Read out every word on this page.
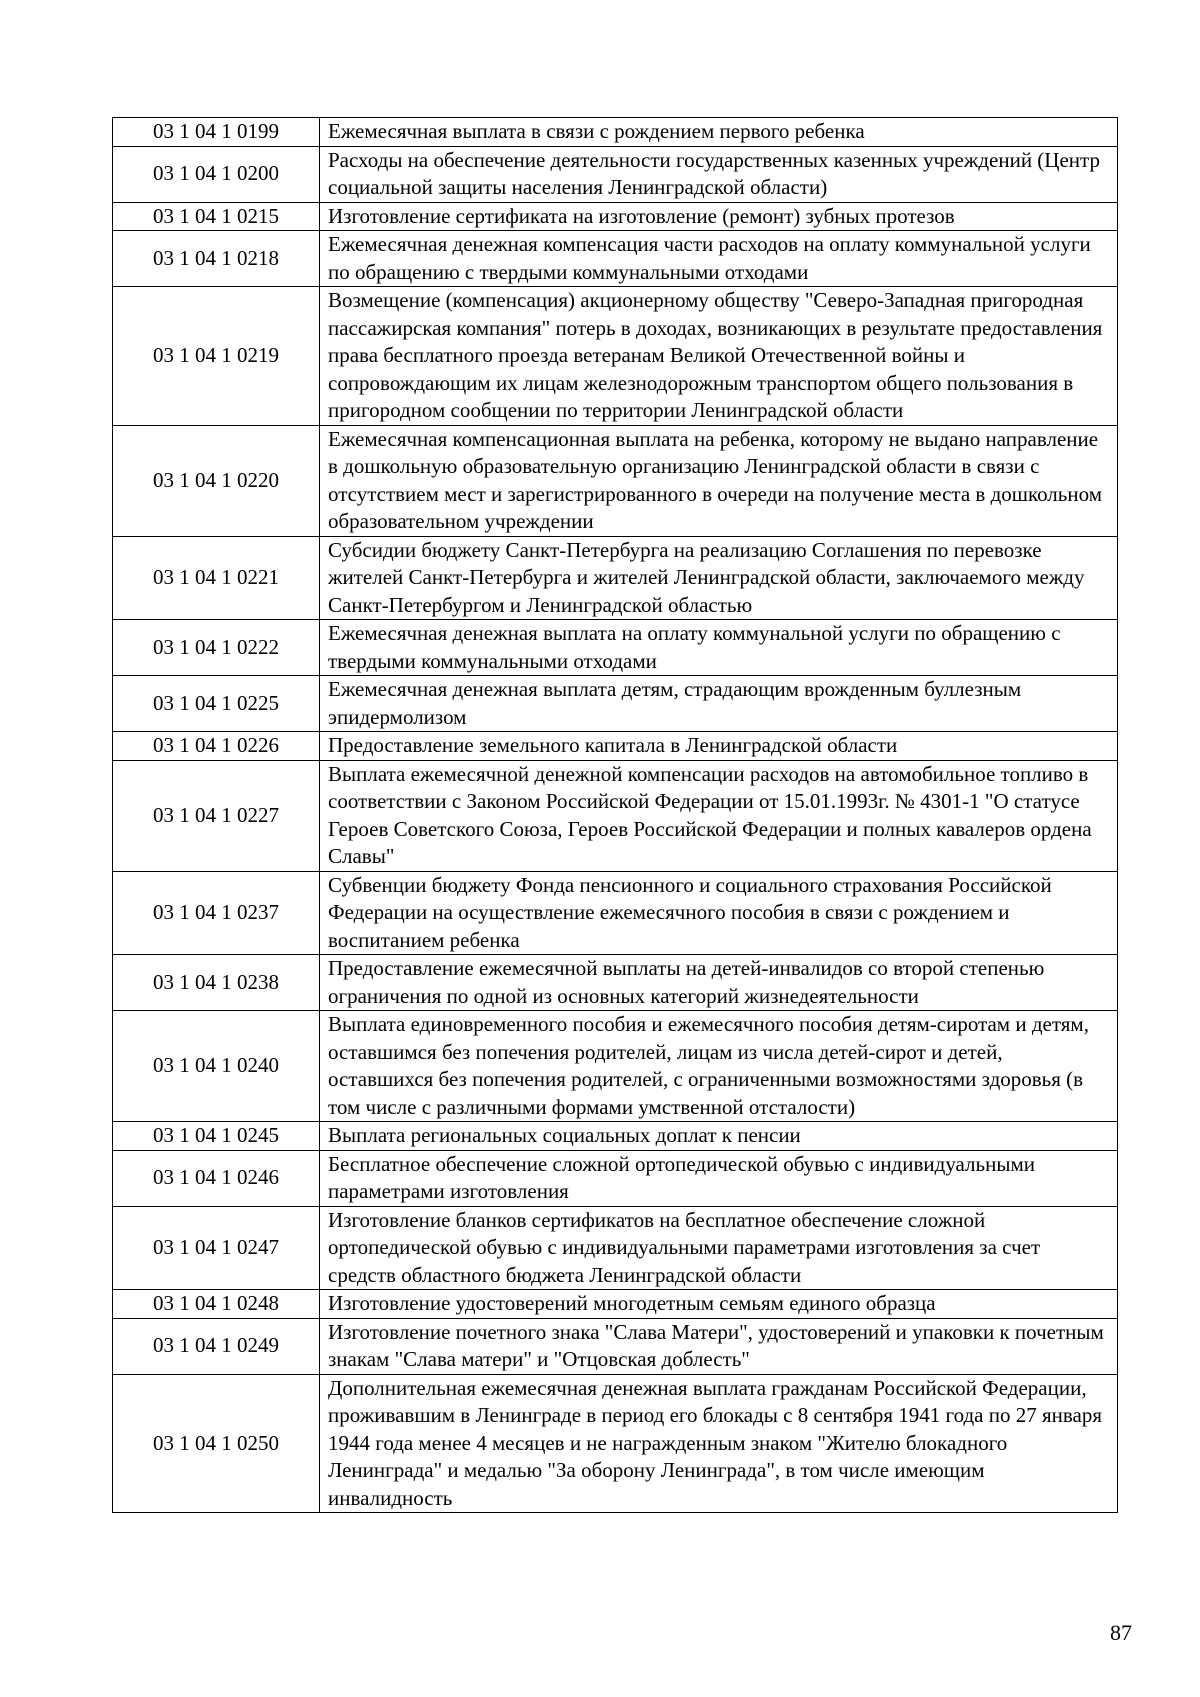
03 1 04 1 0199	Ежемесячная выплата в связи с рождением первого ребенка
03 1 04 1 0200	Расходы на обеспечение деятельности государственных казенных учреждений (Центр социальной защиты населения Ленинградской области)
03 1 04 1 0215	Изготовление сертификата на изготовление (ремонт) зубных протезов
03 1 04 1 0218	Ежемесячная денежная компенсация части расходов на оплату коммунальной услуги по обращению с твердыми коммунальными отходами
03 1 04 1 0219	Возмещение (компенсация) акционерному обществу "Северо-Западная пригородная пассажирская компания" потерь в доходах, возникающих в результате предоставления права бесплатного проезда ветеранам Великой Отечественной войны и сопровождающим их лицам железнодорожным транспортом общего пользования в пригородном сообщении по территории Ленинградской области
03 1 04 1 0220	Ежемесячная компенсационная выплата на ребенка, которому не выдано направление в дошкольную образовательную организацию Ленинградской области в связи с отсутствием мест и зарегистрированного в очереди на получение места в дошкольном образовательном учреждении
03 1 04 1 0221	Субсидии бюджету Санкт-Петербурга на реализацию Соглашения по перевозке жителей Санкт-Петербурга и жителей Ленинградской области, заключаемого между Санкт-Петербургом и Ленинградской областью
03 1 04 1 0222	Ежемесячная денежная выплата на оплату коммунальной услуги по обращению с твердыми коммунальными отходами
03 1 04 1 0225	Ежемесячная денежная выплата детям, страдающим врожденным буллезным эпидермолизом
03 1 04 1 0226	Предоставление земельного капитала в Ленинградской области
03 1 04 1 0227	Выплата ежемесячной денежной компенсации расходов на автомобильное топливо в соответствии с Законом Российской Федерации от 15.01.1993г. № 4301-1 "О статусе Героев Советского Союза, Героев Российской Федерации и полных кавалеров ордена Славы"
03 1 04 1 0237	Субвенции бюджету Фонда пенсионного и социального страхования Российской Федерации на осуществление ежемесячного пособия в связи с рождением и воспитанием ребенка
03 1 04 1 0238	Предоставление ежемесячной выплаты на детей-инвалидов со второй степенью ограничения по одной из основных категорий жизнедеятельности
03 1 04 1 0240	Выплата единовременного пособия и ежемесячного пособия детям-сиротам и детям, оставшимся без попечения родителей, лицам из числа детей-сирот и детей, оставшихся без попечения родителей, с ограниченными возможностями здоровья (в том числе с различными формами умственной отсталости)
03 1 04 1 0245	Выплата региональных социальных доплат к пенсии
03 1 04 1 0246	Бесплатное обеспечение сложной ортопедической обувью с индивидуальными параметрами изготовления
03 1 04 1 0247	Изготовление бланков сертификатов на бесплатное обеспечение сложной ортопедической обувью с индивидуальными параметрами изготовления за счет средств областного бюджета Ленинградской области
03 1 04 1 0248	Изготовление удостоверений многодетным семьям единого образца
03 1 04 1 0249	Изготовление почетного знака "Слава Матери", удостоверений и упаковки к почетным знакам "Слава матери" и "Отцовская доблесть"
03 1 04 1 0250	Дополнительная ежемесячная денежная выплата гражданам Российской Федерации, проживавшим в Ленинграде в период его блокады с 8 сентября 1941 года по 27 января 1944 года менее 4 месяцев и не награжденным знаком "Жителю блокадного Ленинграда" и медалью "За оборону Ленинграда", в том числе имеющим инвалидность
87
